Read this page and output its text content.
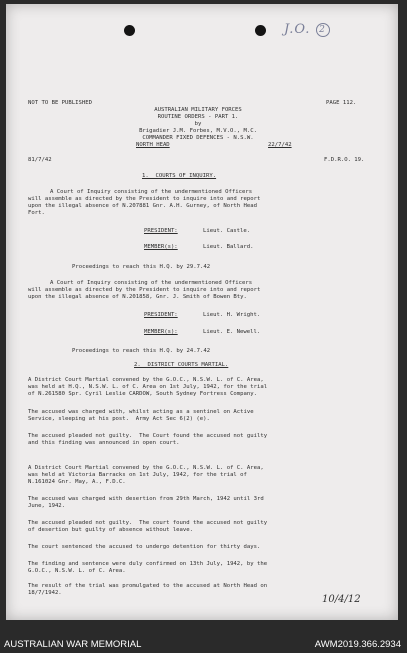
J.O. 2
NOT TO BE PUBLISHED	PAGE 112.
AUSTRALIAN MILITARY FORCES
ROUTINE ORDERS - PART 1.
by
Brigadier J.M. Forbes, M.V.O., M.C.
COMMANDER FIXED DEFENCES - N.S.W.
NORTH HEAD	22/7/42
81/7/42	F.D.R.O. 19.
1.  COURTS OF INQUIRY.
A Court of Inquiry consisting of the undermentioned Officers
will assemble as directed by the President to inquire into and report
upon the illegal absence of N.207881 Gnr. A.H. Gurney, of North Head
Fort.
PRESIDENT:	Lieut. Castle.
MEMBER(s):	Lieut. Ballard.
Proceedings to reach this H.Q. by 29.7.42
A Court of Inquiry consisting of the undermentioned Officers
will assemble as directed by the President to inquire into and report
upon the illegal absence of N.201858, Gnr. J. Smith of Bowen Bty.
PRESIDENT:	Lieut. H. Wright.
MEMBER(s):	Lieut. E. Newell.
Proceedings to reach this H.Q. by 24.7.42
2.  DISTRICT COURTS MARTIAL.
A District Court Martial convened by the G.O.C., N.S.W. L. of C. Area,
was held at H.Q., N.S.W. L. of C. Area on 1st July, 1942, for the trial
of N.261580 Spr. Cyril Leslie CARDOW, South Sydney Fortress Company.
The accused was charged with, whilst acting as a sentinel on Active
Service, sleeping at his post.  Army Act Sec 6(2) (e).
The accused pleaded not guilty.  The Court found the accused not guilty
and this finding was announced in open court.
A District Court Martial convened by the G.O.C., N.S.W. L. of C. Area,
was held at Victoria Barracks on 1st July, 1942, for the trial of
N.161024 Gnr. May, A., F.D.C.
The accused was charged with desertion from 29th March, 1942 until 3rd
June, 1942.
The accused pleaded not guilty.  The court found the accused not guilty
of desertion but guilty of absence without leave.
The court sentenced the accused to undergo detention for thirty days.
The finding and sentence were duly confirmed on 13th July, 1942, by the
G.O.C., N.S.W. L. of C. Area.
The result of the trial was promulgated to the accused at North Head on
18/7/1942.
10/4/12
AUSTRALIAN WAR MEMORIAL	AWM2019.366.2934
